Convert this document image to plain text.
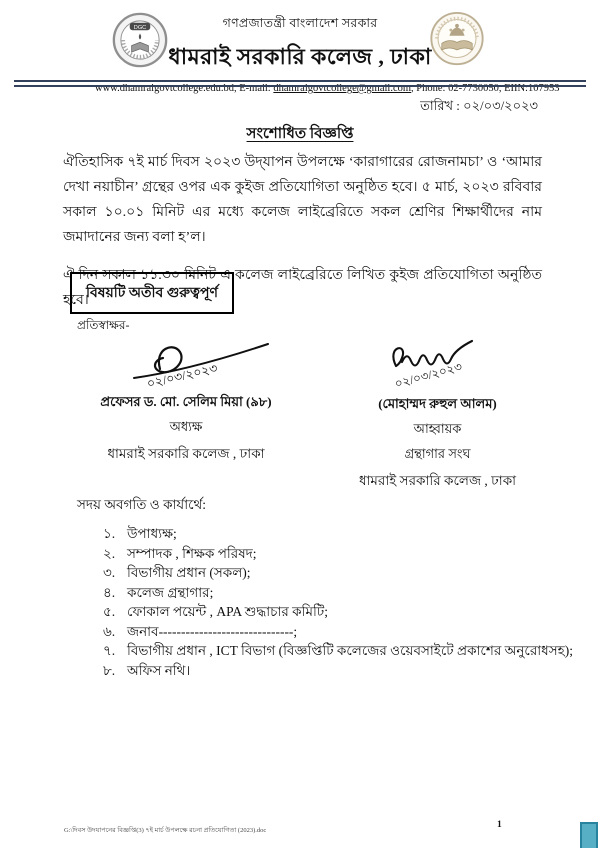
DGC	গণপ্রজাতন্ত্রী বাংলাদেশ সরকার
ধামরাই সরকারি কলেজ , ঢাকা
www.dhamraigovtcollege.edu.bd, E-mail: dhamraigovtcollege@gmail.com, Phone: 02-7730050, EIIN:107953
তারিখ : ০২/০৩/২০২৩
সংশোধিত বিজ্ঞপ্তি
ঐতিহাসিক ৭ই মার্চ দিবস ২০২৩ উদ্‌যাপন উপলক্ষে ‘কারাগারের রোজনামচা’ ও ‘আমার দেখা নয়াচীন’ গ্রন্থের ওপর এক কুইজ প্রতিযোগিতা অনুষ্ঠিত হবে। ৫ মার্চ, ২০২৩ রবিবার সকাল ১০.০১ মিনিট এর মধ্যে কলেজ লাইব্রেরিতে সকল শ্রেণির শিক্ষার্থীদের নাম জমাদানের জন্য বলা হ’ল।
ঐ দিন সকাল ১১.৩০ মিনিট এ কলেজ লাইব্রেরিতে লিখিত কুইজ প্রতিযোগিতা অনুষ্ঠিত হবে।
বিষয়টি অতীব গুরুত্বপূর্ণ
প্রতিস্বাক্ষর-
০২/০৩/২০২৩
প্রফেসর ড. মো. সেলিম মিয়া (৯৮)
অধ্যক্ষ
ধামরাই সরকারি কলেজ , ঢাকা
০২/০৩/২০২৩
(মোহাম্মদ রুহুল আলম)
আহ্বায়ক
গ্রন্থাগার সংঘ
ধামরাই সরকারি কলেজ , ঢাকা
সদয় অবগতি ও কার্যার্থে:
১. উপাধ্যক্ষ;
২. সম্পাদক , শিক্ষক পরিষদ;
৩. বিভাগীয় প্রধান (সকল);
৪. কলেজ গ্রন্থাগার;
৫. ফোকাল পয়েন্ট , APA শুদ্ধাচার কমিটি;
৬. জনাব------------------------------;
৭. বিভাগীয় প্রধান , ICT বিভাগ (বিজ্ঞপ্তিটি কলেজের ওয়েবসাইটে প্রকাশের অনুরোধসহ);
৮. অফিস নথি।
G:\দিবস উদযাপনের বিজ্ঞপ্তি(3) ৭ই মার্চ উপলক্ষে রচনা প্রতিযোগিতা (2023).doc
1
